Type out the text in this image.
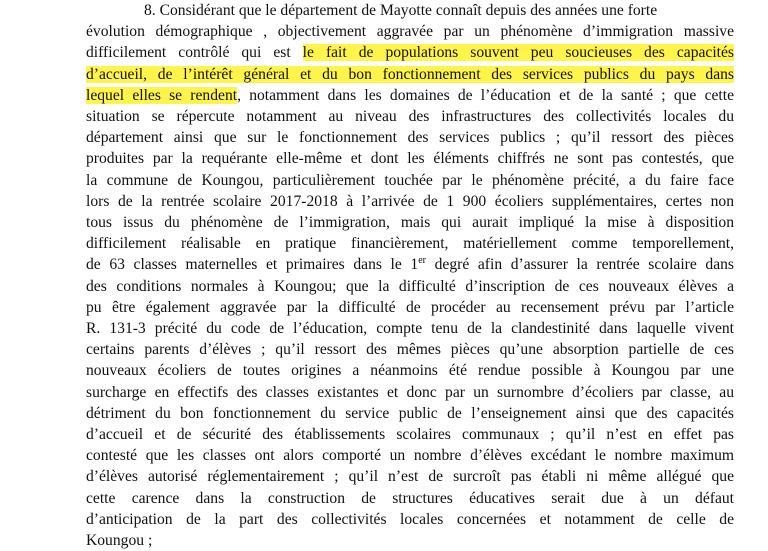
8. Considérant que le département de Mayotte connaît depuis des années une forte
évolution démographique , objectivement aggravée par un phénomène d’immigration massive
difficilement contrôlé qui est le fait de populations souvent peu soucieuses des capacités
d’accueil, de l’intérêt général et du bon fonctionnement des services publics du pays dans
lequel elles se rendent, notamment dans les domaines de l’éducation et de la santé ; que cette
situation se répercute notamment au niveau des infrastructures des collectivités locales du
département ainsi que sur le fonctionnement des services publics ; qu’il ressort des pièces
produites par la requérante elle-même et dont les éléments chiffrés ne sont pas contestés, que
la commune de Koungou, particulièrement touchée par le phénomène précité, a du faire face
lors de la rentrée scolaire 2017-2018 à l’arrivée de 1 900 écoliers supplémentaires, certes non
tous issus du phénomène de l’immigration, mais qui aurait impliqué la mise à disposition
difficilement réalisable en pratique financièrement, matériellement comme temporellement,
de 63 classes maternelles et primaires dans le 1er degré afin d’assurer la rentrée scolaire dans
des conditions normales à Koungou; que la difficulté d’inscription de ces nouveaux élèves a
pu être également aggravée par la difficulté de procéder au recensement prévu par l’article
R. 131-3 précité du code de l’éducation, compte tenu de la clandestinité dans laquelle vivent
certains parents d’élèves ; qu’il ressort des mêmes pièces qu’une absorption partielle de ces
nouveaux écoliers de toutes origines a néanmoins été rendue possible à Koungou par une
surcharge en effectifs des classes existantes et donc par un surnombre d’écoliers par classe, au
détriment du bon fonctionnement du service public de l’enseignement ainsi que des capacités
d’accueil et de sécurité des établissements scolaires communaux ; qu’il n’est en effet pas
contesté que les classes ont alors comporté un nombre d’élèves excédant le nombre maximum
d’élèves autorisé réglementairement ; qu’il n’est de surcroît pas établi ni même allégué que
cette carence dans la construction de structures éducatives serait due à un défaut
d’anticipation de la part des collectivités locales concernées et notamment de celle de
Koungou ;
